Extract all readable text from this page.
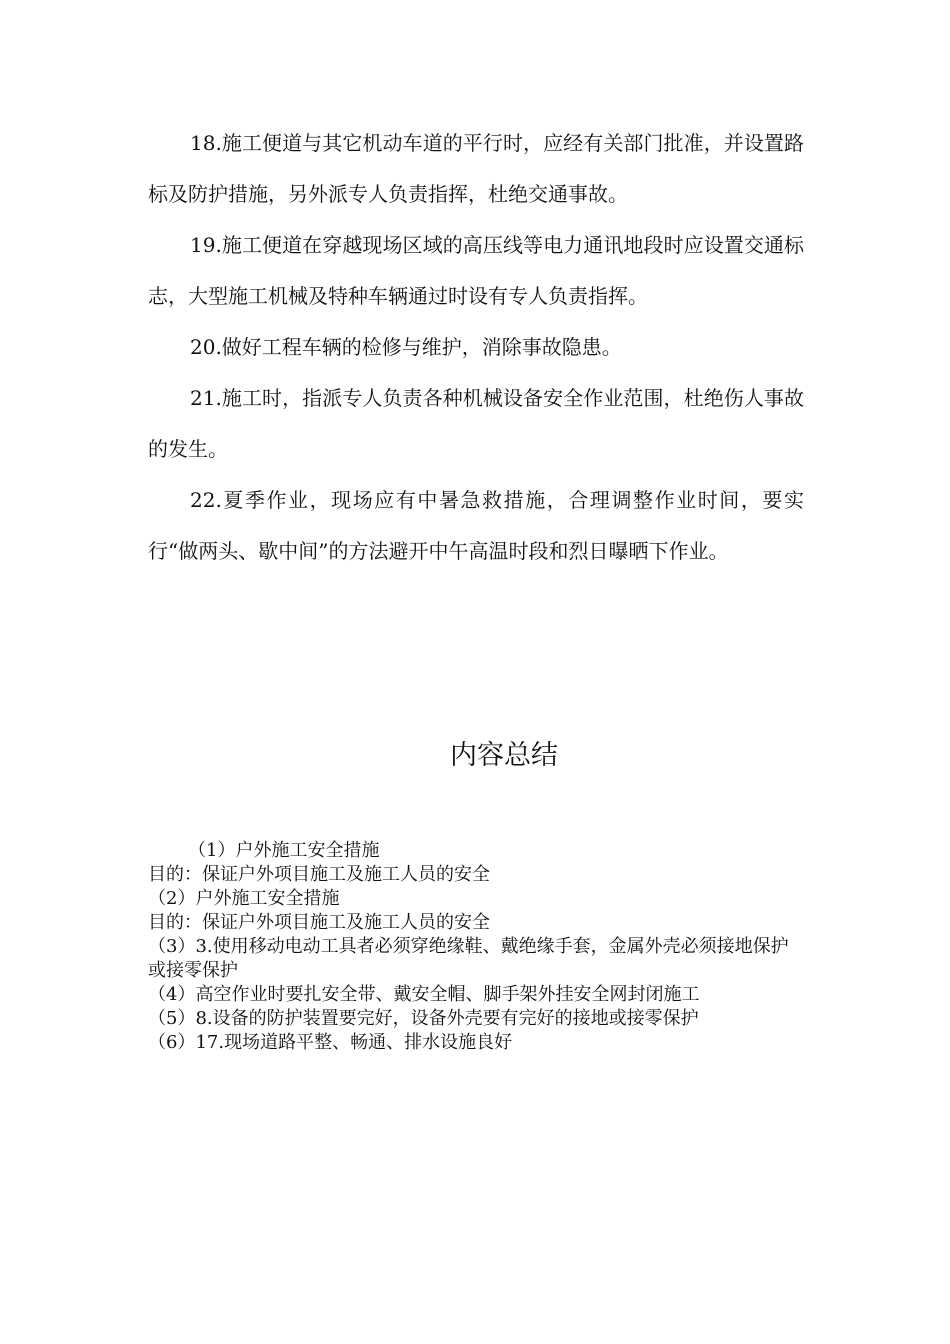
18.施工便道与其它机动车道的平行时，应经有关部门批准，并设置路标及防护措施，另外派专人负责指挥，杜绝交通事故。

19.施工便道在穿越现场区域的高压线等电力通讯地段时应设置交通标志，大型施工机械及特种车辆通过时设有专人负责指挥。

20.做好工程车辆的检修与维护，消除事故隐患。

21.施工时，指派专人负责各种机械设备安全作业范围，杜绝伤人事故的发生。

22.夏季作业，现场应有中暑急救措施，合理调整作业时间，要实行“做两头、歇中间”的方法避开中午高温时段和烈日曝晒下作业。

内容总结

（1）户外施工安全措施

目的：保证户外项目施工及施工人员的安全

（2）户外施工安全措施

目的：保证户外项目施工及施工人员的安全

（3）3.使用移动电动工具者必须穿绝缘鞋、戴绝缘手套，金属外壳必须接地保护或接零保护

（4）高空作业时要扎安全带、戴安全帽、脚手架外挂安全网封闭施工

（5）8.设备的防护装置要完好，设备外壳要有完好的接地或接零保护

（6）17.现场道路平整、畅通、排水设施良好
